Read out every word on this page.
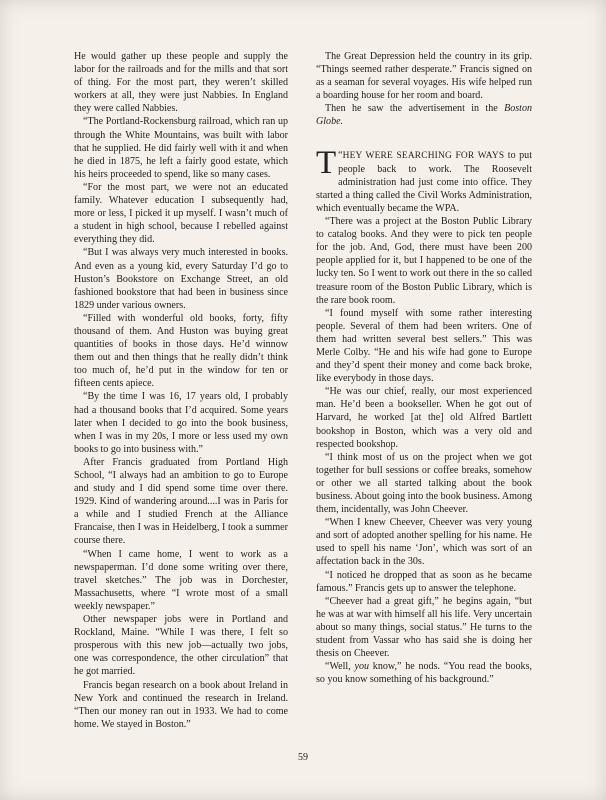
He would gather up these people and supply the labor for the railroads and for the mills and that sort of thing. For the most part, they weren’t skilled workers at all, they were just Nabbies. In England they were called Nabbies.

“The Portland-Rockensburg railroad, which ran up through the White Mountains, was built with labor that he supplied. He did fairly well with it and when he died in 1875, he left a fairly good estate, which his heirs proceeded to spend, like so many cases.

“For the most part, we were not an educated family. Whatever education I subsequently had, more or less, I picked it up myself. I wasn’t much of a student in high school, because I rebelled against everything they did.

“But I was always very much interested in books. And even as a young kid, every Saturday I’d go to Huston’s Bookstore on Exchange Street, an old fashioned bookstore that had been in business since 1829 under various owners.

“Filled with wonderful old books, forty, fifty thousand of them. And Huston was buying great quantities of books in those days. He’d winnow them out and then things that he really didn’t think too much of, he’d put in the window for ten or fifteen cents apiece.

“By the time I was 16, 17 years old, I probably had a thousand books that I’d acquired. Some years later when I decided to go into the book business, when I was in my 20s, I more or less used my own books to go into business with.”

After Francis graduated from Portland High School, “I always had an ambition to go to Europe and study and I did spend some time over there. 1929. Kind of wandering around....I was in Paris for a while and I studied French at the Alliance Francaise, then I was in Heidelberg, I took a summer course there.

“When I came home, I went to work as a newspaperman. I’d done some writing over there, travel sketches.” The job was in Dorchester, Massachusetts, where “I wrote most of a small weekly newspaper.”

Other newspaper jobs were in Portland and Rockland, Maine. “While I was there, I felt so prosperous with this new job—actually two jobs, one was correspondence, the other circulation” that he got married.

Francis began research on a book about Ireland in New York and continued the research in Ireland. “Then our money ran out in 1933. We had to come home. We stayed in Boston.”

The Great Depression held the country in its grip. “Things seemed rather desperate.” Francis signed on as a seaman for several voyages. His wife helped run a boarding house for her room and board.

Then he saw the advertisement in the Boston Globe.

“
T HEY WERE SEARCHING FOR WAYS to put people back to work. The Roosevelt administration had just come into office. They started a thing called the Civil Works Administration, which eventually became the WPA.

“There was a project at the Boston Public Library to catalog books. And they were to pick ten people for the job. And, God, there must have been 200 people applied for it, but I happened to be one of the lucky ten. So I went to work out there in the so called treasure room of the Boston Public Library, which is the rare book room.

“I found myself with some rather interesting people. Several of them had been writers. One of them had written several best sellers.” This was Merle Colby. “He and his wife had gone to Europe and they’d spent their money and come back broke, like everybody in those days.

“He was our chief, really, our most experienced man. He’d been a bookseller. When he got out of Harvard, he worked [at the] old Alfred Bartlett bookshop in Boston, which was a very old and respected bookshop.

“I think most of us on the project when we got together for bull sessions or coffee breaks, somehow or other we all started talking about the book business. About going into the book business. Among them, incidentally, was John Cheever.

“When I knew Cheever, Cheever was very young and sort of adopted another spelling for his name. He used to spell his name ‘Jon’, which was sort of an affectation back in the 30s.

“I noticed he dropped that as soon as he became famous.” Francis gets up to answer the telephone.

“Cheever had a great gift,” he begins again, “but he was at war with himself all his life. Very uncertain about so many things, social status.” He turns to the student from Vassar who has said she is doing her thesis on Cheever.

“Well, you know,” he nods. “You read the books, so you know something of his background.”

59
